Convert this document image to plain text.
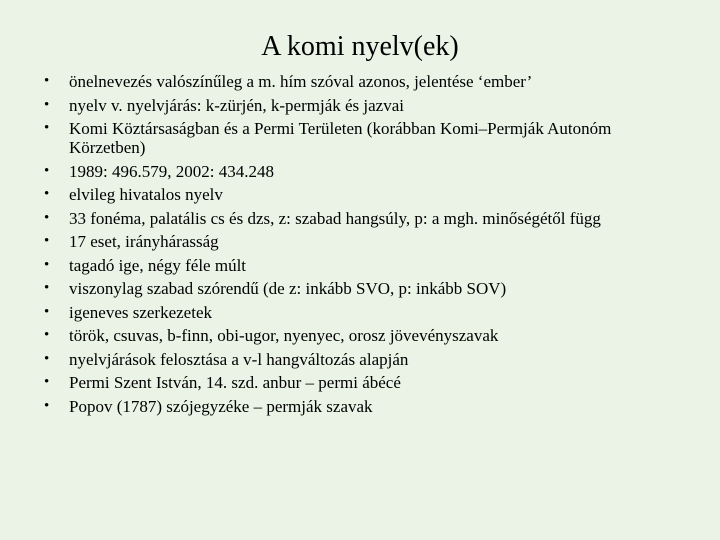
A komi nyelv(ek)
• önelnevezés valószínűleg a m. hím szóval azonos, jelentése ‘ember’
• nyelv v. nyelvjárás: k-zürjén, k-permják és jazvai
• Komi Köztársaságban és a Permi Területen (korábban Komi–Permják Autonóm Körzetben)
• 1989: 496.579, 2002: 434.248
• elvileg hivatalos nyelv
• 33 fonéma, palatális cs és dzs, z: szabad hangsúly, p: a mgh. minőségétől függ
• 17 eset, irányhárasság
• tagadó ige, négy féle múlt
• viszonylag szabad szórendű (de z: inkább SVO, p: inkább SOV)
• igeneves szerkezetek
• török, csuvas, b-finn, obi-ugor, nyenyec, orosz jövevényszavak
• nyelvjárások felosztása a v-l hangváltozás alapján
• Permi Szent István, 14. szd. anbur – permi ábécé
• Popov (1787) szójegyzéke – permják szavak
